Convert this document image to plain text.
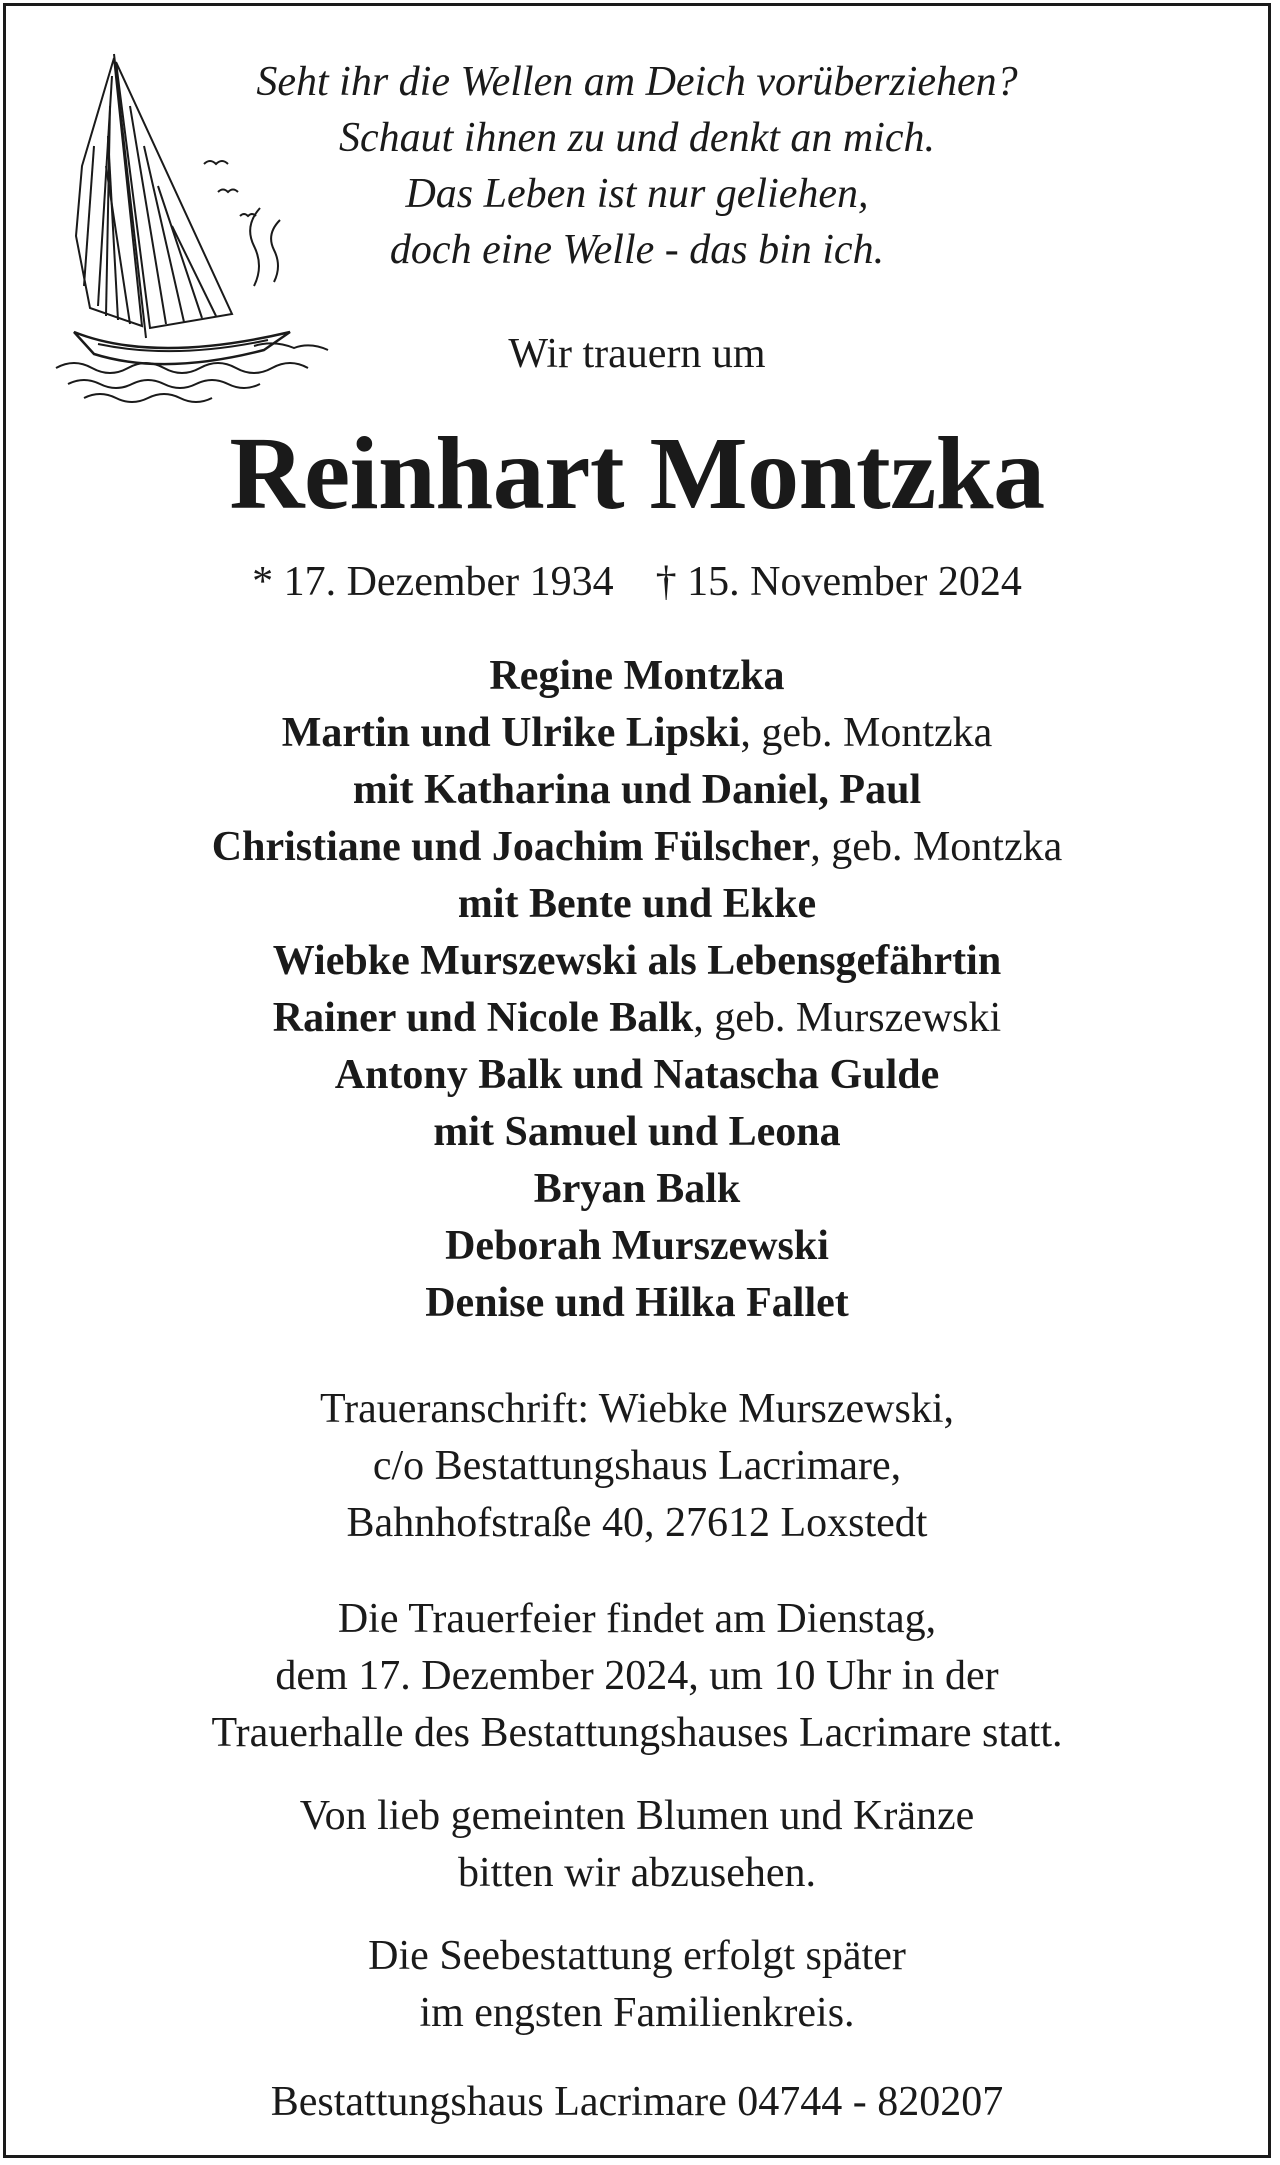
Seht ihr die Wellen am Deich vorüberziehen?
Schaut ihnen zu und denkt an mich.
Das Leben ist nur geliehen,
doch eine Welle - das bin ich.
Wir trauern um
Reinhart Montzka
* 17. Dezember 1934 † 15. November 2024
Regine Montzka
Martin und Ulrike Lipski, geb. Montzka
mit Katharina und Daniel, Paul
Christiane und Joachim Fülscher, geb. Montzka
mit Bente und Ekke
Wiebke Murszewski als Lebensgefährtin
Rainer und Nicole Balk, geb. Murszewski
Antony Balk und Natascha Gulde
mit Samuel und Leona
Bryan Balk
Deborah Murszewski
Denise und Hilka Fallet
Traueranschrift: Wiebke Murszewski,
c/o Bestattungshaus Lacrimare,
Bahnhofstraße 40, 27612 Loxstedt
Die Trauerfeier findet am Dienstag,
dem 17. Dezember 2024, um 10 Uhr in der
Trauerhalle des Bestattungshauses Lacrimare statt.
Von lieb gemeinten Blumen und Kränze
bitten wir abzusehen.
Die Seebestattung erfolgt später
im engsten Familienkreis.
Bestattungshaus Lacrimare 04744 - 820207
